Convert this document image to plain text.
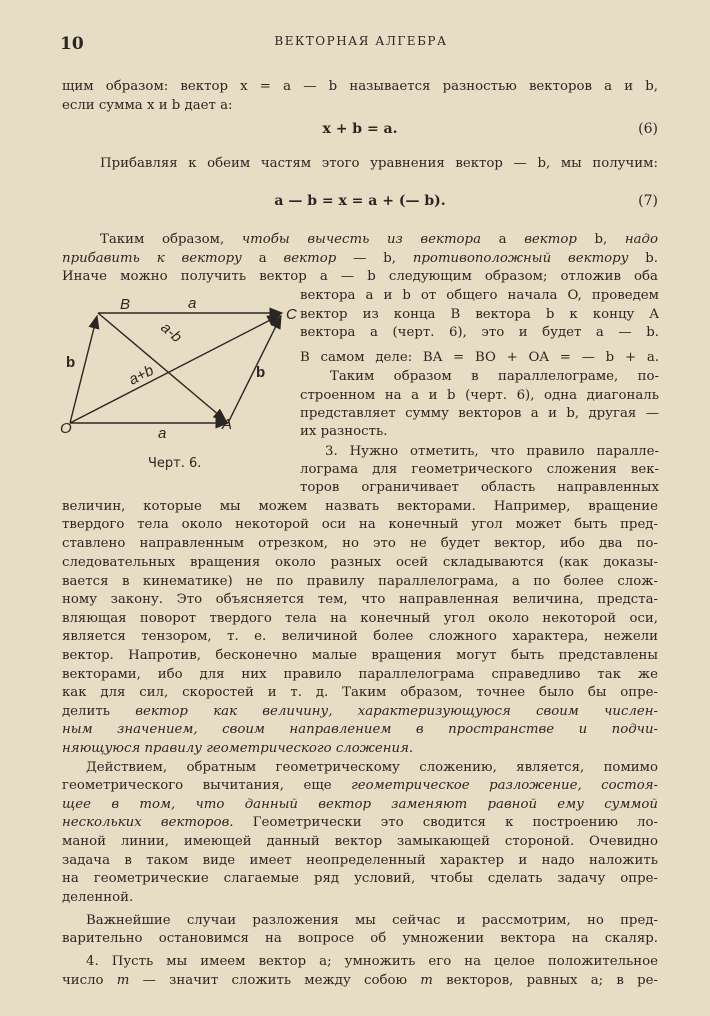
10	ВЕКТОРНАЯ АЛГЕБРА
щим образом: вектор x = a — b называется разностью векторов a и b,
если сумма x и b дает a:
x + b = a.	(6)
Прибавляя к обеим частям этого уравнения вектор — b, мы получим:
a — b = x = a + (— b).	(7)
Таким образом, чтобы вычесть из вектора a вектор b, надо
прибавить к вектору a вектор — b, противоположный вектору b.
Иначе можно получить вектор a — b следующим образом; отложив оба
вектора a и b от общего начала O, проведем
вектор из конца B вектора b к концу A
вектора a (черт. 6), это и будет a — b.
В самом деле: BA = BO + OA = — b + a.
Таким образом в параллелограме, по-
строенном на a и b (черт. 6), одна диагональ
представляет сумму векторов a и b, другая —
их разность.
3. Нужно отметить, что правило паралле-
лограма для геометрического сложения век-
торов ограничивает область направленных
B
C
O	A
a
a
b
b
a+b
a-b
Черт. 6.
величин, которые мы можем назвать векторами. Например, вращение
твердого тела около некоторой оси на конечный угол может быть пред-
ставлено направленным отрезком, но это не будет вектор, ибо два по-
следовательных вращения около разных осей складываются (как доказы-
вается в кинематике) не по правилу параллелограма, а по более слож-
ному закону. Это объясняется тем, что направленная величина, предста-
вляющая поворот твердого тела на конечный угол около некоторой оси,
является тензором, т. е. величиной более сложного характера, нежели
вектор. Напротив, бесконечно малые вращения могут быть представлены
векторами, ибо для них правило параллелограма справедливо так же
как для сил, скоростей и т. д. Таким образом, точнее было бы опре-
делить вектор как величину, характеризующуюся своим числен-
ным значением, своим направлением в пространстве и подчи-
няющуюся правилу геометрического сложения.
Действием, обратным геометрическому сложению, является, помимо
геометрического вычитания, еще геометрическое разложение, состоя-
щее в том, что данный вектор заменяют равной ему суммой
нескольких векторов. Геометрически это сводится к построению ло-
маной линии, имеющей данный вектор замыкающей стороной. Очевидно
задача в таком виде имеет неопределенный характер и надо наложить
на геометрические слагаемые ряд условий, чтобы сделать задачу опре-
деленной.
Важнейшие случаи разложения мы сейчас и рассмотрим, но пред-
варительно остановимся на вопросе об умножении вектора на скаляр.
4. Пусть мы имеем вектор a; умножить его на целое положительное
число m — значит сложить между собою m векторов, равных a; в ре-
